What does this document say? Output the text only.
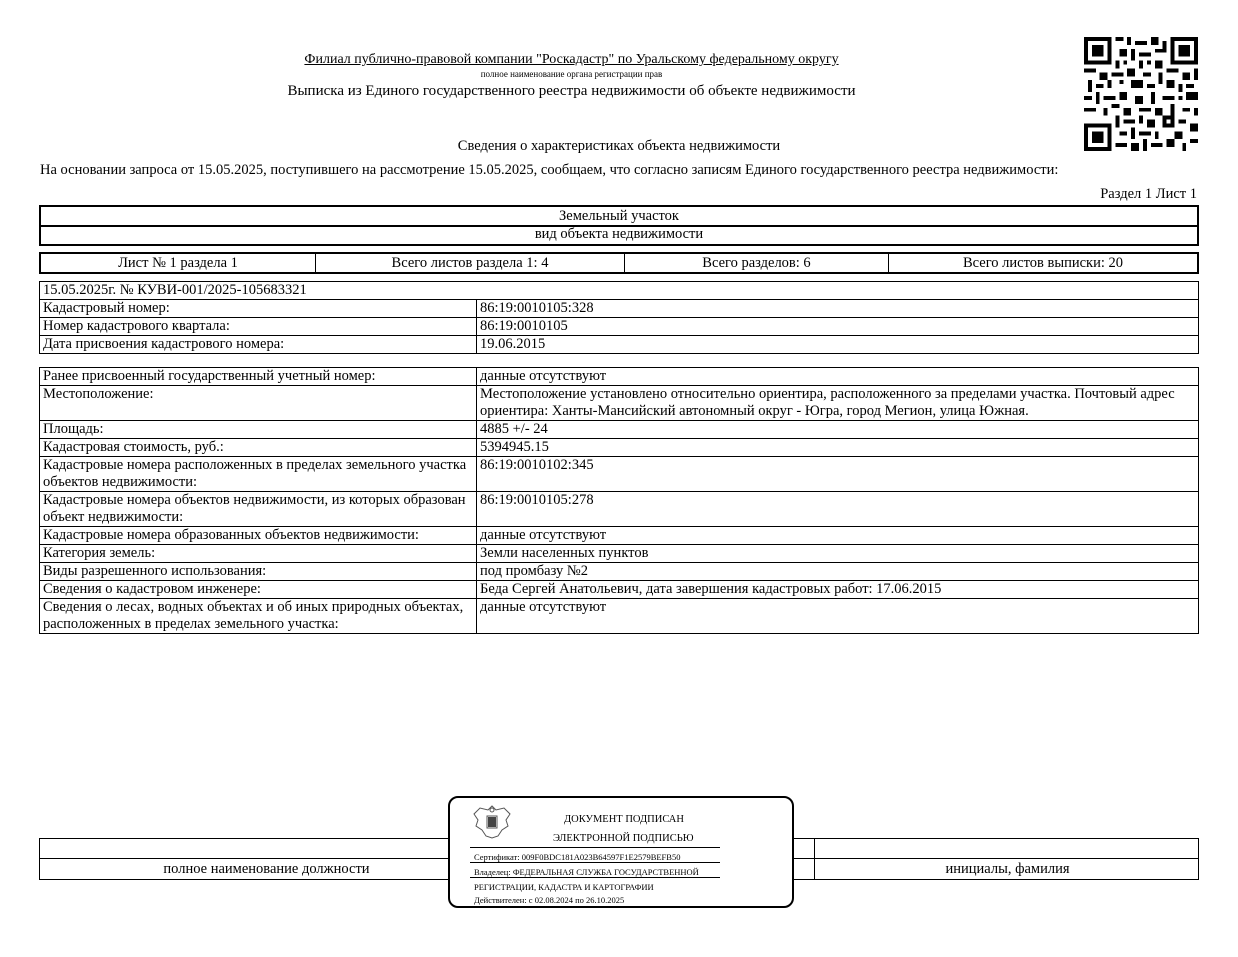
Филиал публично-правовой компании "Роскадастр" по Уральскому федеральному округу
полное наименование органа регистрации прав
Выписка из Единого государственного реестра недвижимости об объекте недвижимости
Сведения о характеристиках объекта недвижимости
На основании запроса от 15.05.2025, поступившего на рассмотрение 15.05.2025, сообщаем, что согласно записям Единого государственного реестра недвижимости:
Раздел 1 Лист 1
Земельный участок
вид объекта недвижимости
Лист № 1 раздела 1	Всего листов раздела 1: 4	Всего разделов: 6	Всего листов выписки: 20
15.05.2025г. № КУВИ-001/2025-105683321	
Кадастровый номер:	86:19:0010105:328
Номер кадастрового квартала:	86:19:0010105
Дата присвоения кадастрового номера:	19.06.2015
Ранее присвоенный государственный учетный номер:	данные отсутствуют
Местоположение:	Местоположение установлено относительно ориентира, расположенного за пределами участка. Почтовый адрес ориентира: Ханты-Мансийский автономный округ - Югра, город Мегион, улица Южная.
Площадь:	4885 +/- 24
Кадастровая стоимость, руб.:	5394945.15
Кадастровые номера расположенных в пределах земельного участка объектов недвижимости:	86:19:0010102:345
Кадастровые номера объектов недвижимости, из которых образован объект недвижимости:	86:19:0010105:278
Кадастровые номера образованных объектов недвижимости:	данные отсутствуют
Категория земель:	Земли населенных пунктов
Виды разрешенного использования:	под промбазу №2
Сведения о кадастровом инженере:	Беда Сергей Анатольевич, дата завершения кадастровых работ: 17.06.2015
Сведения о лесах, водных объектах и об иных природных объектах, расположенных в пределах земельного участка:	данные отсутствуют
полное наименование должности	инициалы, фамилия
ДОКУМЕНТ ПОДПИСАН
ЭЛЕКТРОННОЙ ПОДПИСЬЮ
Сертификат: 009F0BDC181A023B64597F1E2579BEFB50
Владелец: ФЕДЕРАЛЬНАЯ СЛУЖБА ГОСУДАРСТВЕННОЙ
РЕГИСТРАЦИИ, КАДАСТРА И КАРТОГРАФИИ
Действителен: с 02.08.2024 по 26.10.2025
